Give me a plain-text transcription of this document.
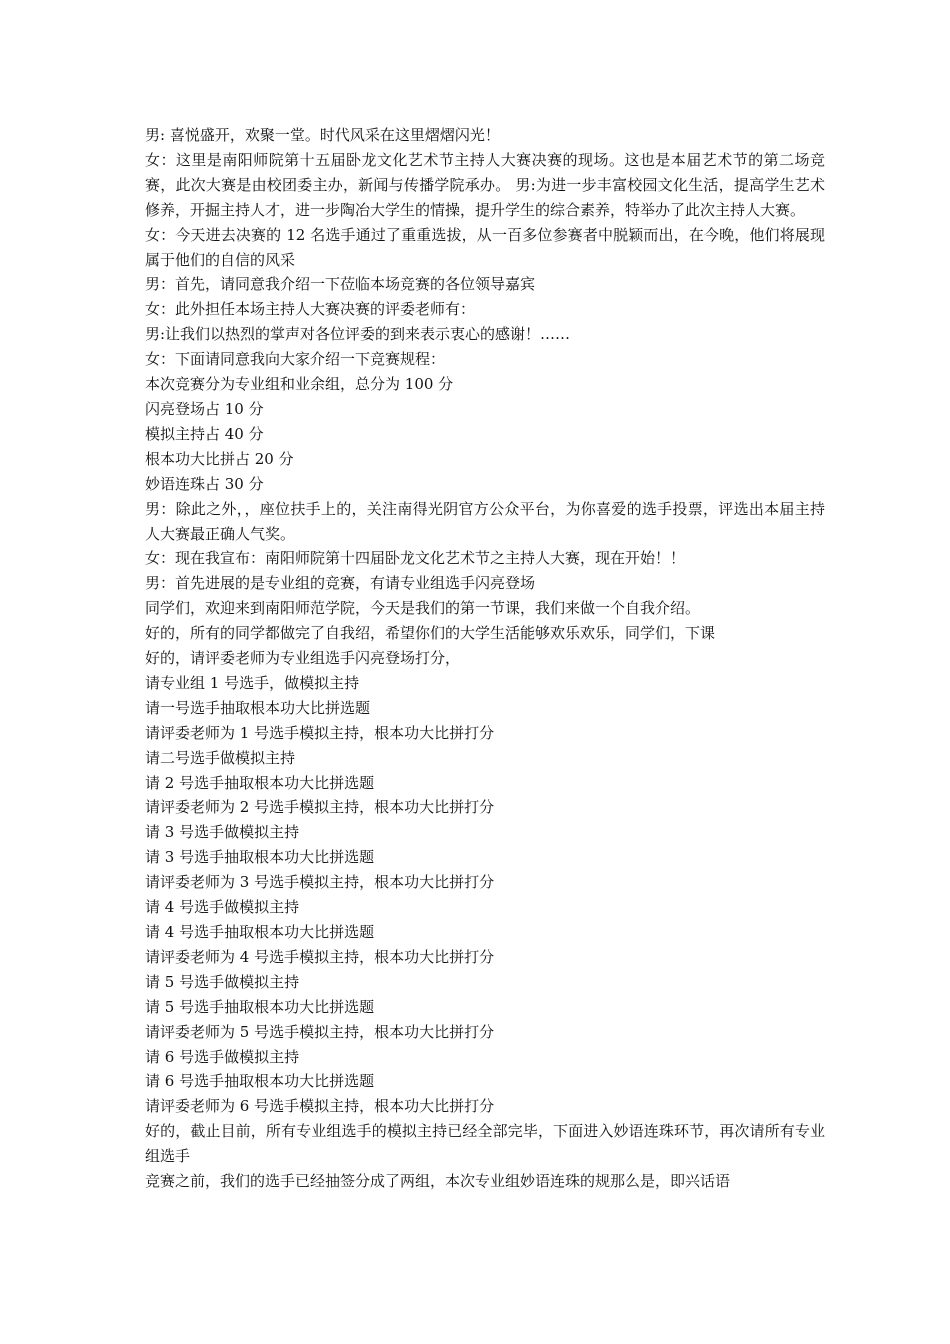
男: 喜悦盛开，欢聚一堂。时代风采在这里熠熠闪光！

女：这里是南阳师院第十五届卧龙文化艺术节主持人大赛决赛的现场。这也是本届艺术节的第二场竞赛，此次大赛是由校团委主办，新闻与传播学院承办。 男:为进一步丰富校园文化生活，提高学生艺术修养，开掘主持人才，进一步陶冶大学生的情操，提升学生的综合素养，特举办了此次主持人大赛。

女：今天进去决赛的 12 名选手通过了重重选拔，从一百多位参赛者中脱颖而出，在今晚，他们将展现属于他们的自信的风采

男：首先，请同意我介绍一下莅临本场竞赛的各位领导嘉宾

女：此外担任本场主持人大赛决赛的评委老师有：

男:让我们以热烈的掌声对各位评委的到来表示衷心的感谢！……

女：下面请同意我向大家介绍一下竞赛规程：

本次竞赛分为专业组和业余组，总分为 100 分

闪亮登场占 10 分

模拟主持占 40 分

根本功大比拼占 20 分

妙语连珠占 30 分

男：除此之外，，座位扶手上的，关注南得光阴官方公众平台，为你喜爱的选手投票，评选出本届主持人大赛最正确人气奖。

女：现在我宣布：南阳师院第十四届卧龙文化艺术节之主持人大赛，现在开始！！

男：首先进展的是专业组的竞赛，有请专业组选手闪亮登场

同学们，欢迎来到南阳师范学院，今天是我们的第一节课，我们来做一个自我介绍。

好的，所有的同学都做完了自我绍，希望你们的大学生活能够欢乐欢乐，同学们，下课

好的，请评委老师为专业组选手闪亮登场打分，

请专业组 1 号选手，做模拟主持

请一号选手抽取根本功大比拼选题

请评委老师为 1 号选手模拟主持，根本功大比拼打分

请二号选手做模拟主持

请 2 号选手抽取根本功大比拼选题

请评委老师为 2 号选手模拟主持，根本功大比拼打分

请 3 号选手做模拟主持

请 3 号选手抽取根本功大比拼选题

请评委老师为 3 号选手模拟主持，根本功大比拼打分

请 4 号选手做模拟主持

请 4 号选手抽取根本功大比拼选题

请评委老师为 4 号选手模拟主持，根本功大比拼打分

请 5 号选手做模拟主持

请 5 号选手抽取根本功大比拼选题

请评委老师为 5 号选手模拟主持，根本功大比拼打分

请 6 号选手做模拟主持

请 6 号选手抽取根本功大比拼选题

请评委老师为 6 号选手模拟主持，根本功大比拼打分

好的，截止目前，所有专业组选手的模拟主持已经全部完毕，下面进入妙语连珠环节，再次请所有专业组选手

竞赛之前，我们的选手已经抽签分成了两组，本次专业组妙语连珠的规那么是，即兴话语
